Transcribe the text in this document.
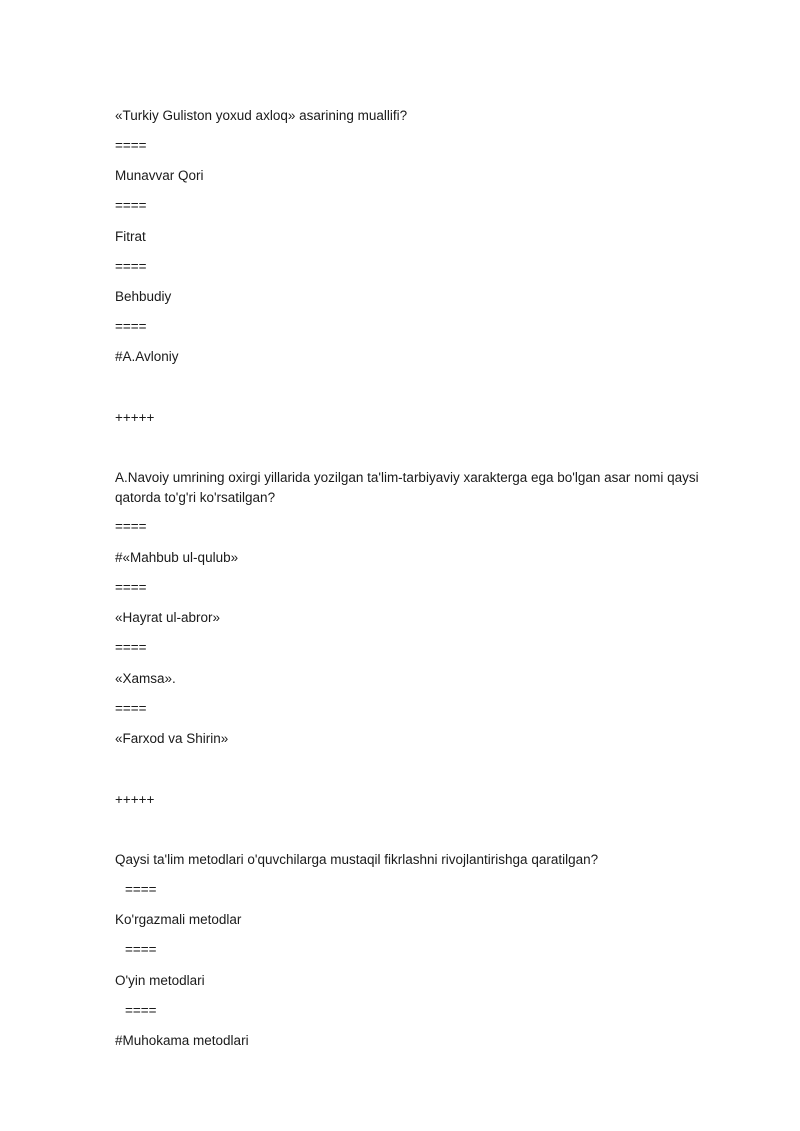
«Turkiy Guliston yoxud axloq» asarining muallifi?
====
Munavvar Qori
====
Fitrat
====
Behbudiy
====
#A.Avloniy
+++++
A.Navoiy umrining oxirgi yillarida yozilgan ta'lim-tarbiyaviy xarakterga ega bo'lgan asar nomi qaysi qatorda to'g'ri ko'rsatilgan?
====
#«Mahbub ul-qulub»
====
«Hayrat ul-abror»
====
«Xamsa».
====
«Farxod va Shirin»
+++++
Qaysi ta'lim metodlari o'quvchilarga mustaqil fikrlashni rivojlantirishga qaratilgan?
====
Ko'rgazmali metodlar
====
O'yin metodlari
====
#Muhokama metodlari
